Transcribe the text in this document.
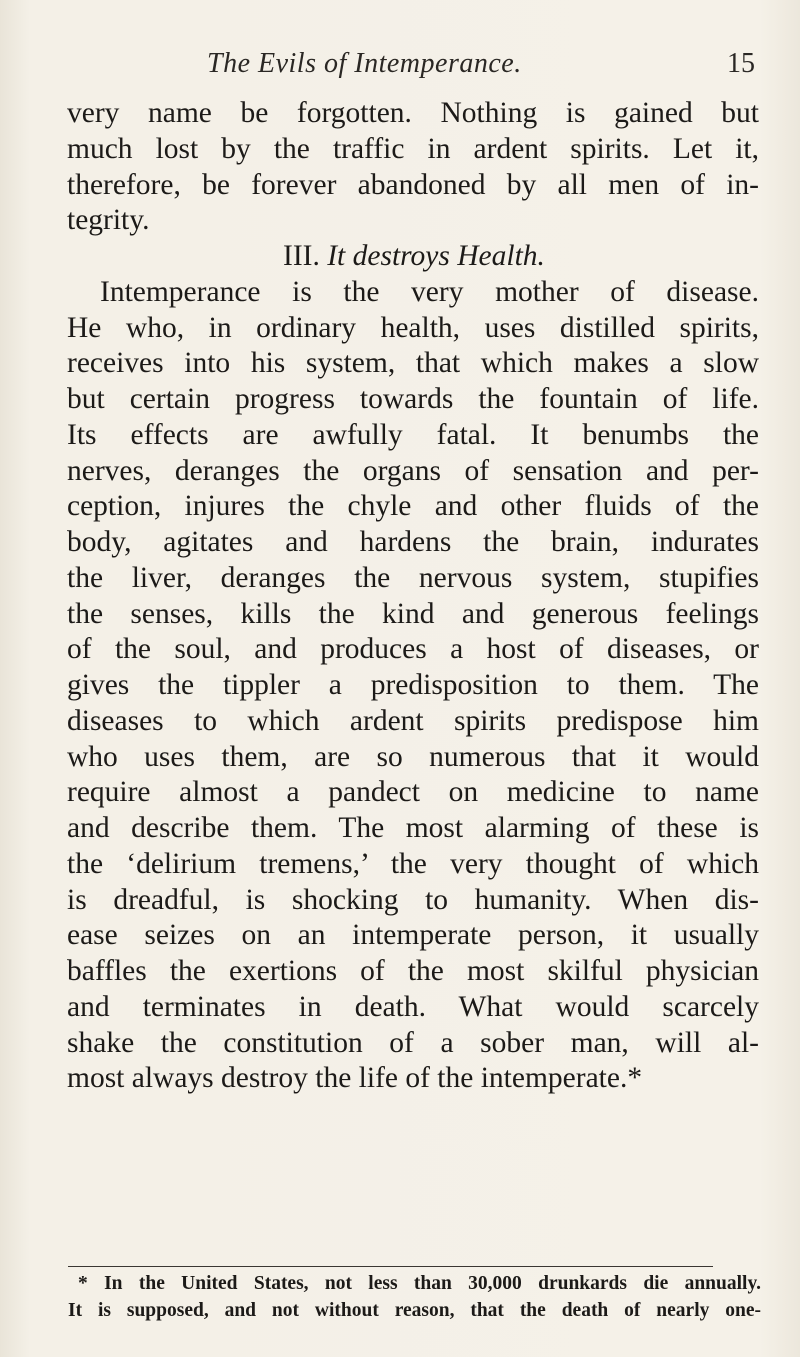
The Evils of Intemperance.	15
very name be forgotten. Nothing is gained but
much lost by the traffic in ardent spirits. Let it,
therefore, be forever abandoned by all men of in-
tegrity.
III. It destroys Health.
Intemperance is the very mother of disease.
He who, in ordinary health, uses distilled spirits,
receives into his system, that which makes a slow
but certain progress towards the fountain of life.
Its effects are awfully fatal. It benumbs the
nerves, deranges the organs of sensation and per-
ception, injures the chyle and other fluids of the
body, agitates and hardens the brain, indurates
the liver, deranges the nervous system, stupifies
the senses, kills the kind and generous feelings
of the soul, and produces a host of diseases, or
gives the tippler a predisposition to them. The
diseases to which ardent spirits predispose him
who uses them, are so numerous that it would
require almost a pandect on medicine to name
and describe them. The most alarming of these is
the ‘delirium tremens,’ the very thought of which
is dreadful, is shocking to humanity. When dis-
ease seizes on an intemperate person, it usually
baffles the exertions of the most skilful physician
and terminates in death. What would scarcely
shake the constitution of a sober man, will al-
most always destroy the life of the intemperate.*
* In the United States, not less than 30,000 drunkards die annually.
It is supposed, and not without reason, that the death of nearly one-
